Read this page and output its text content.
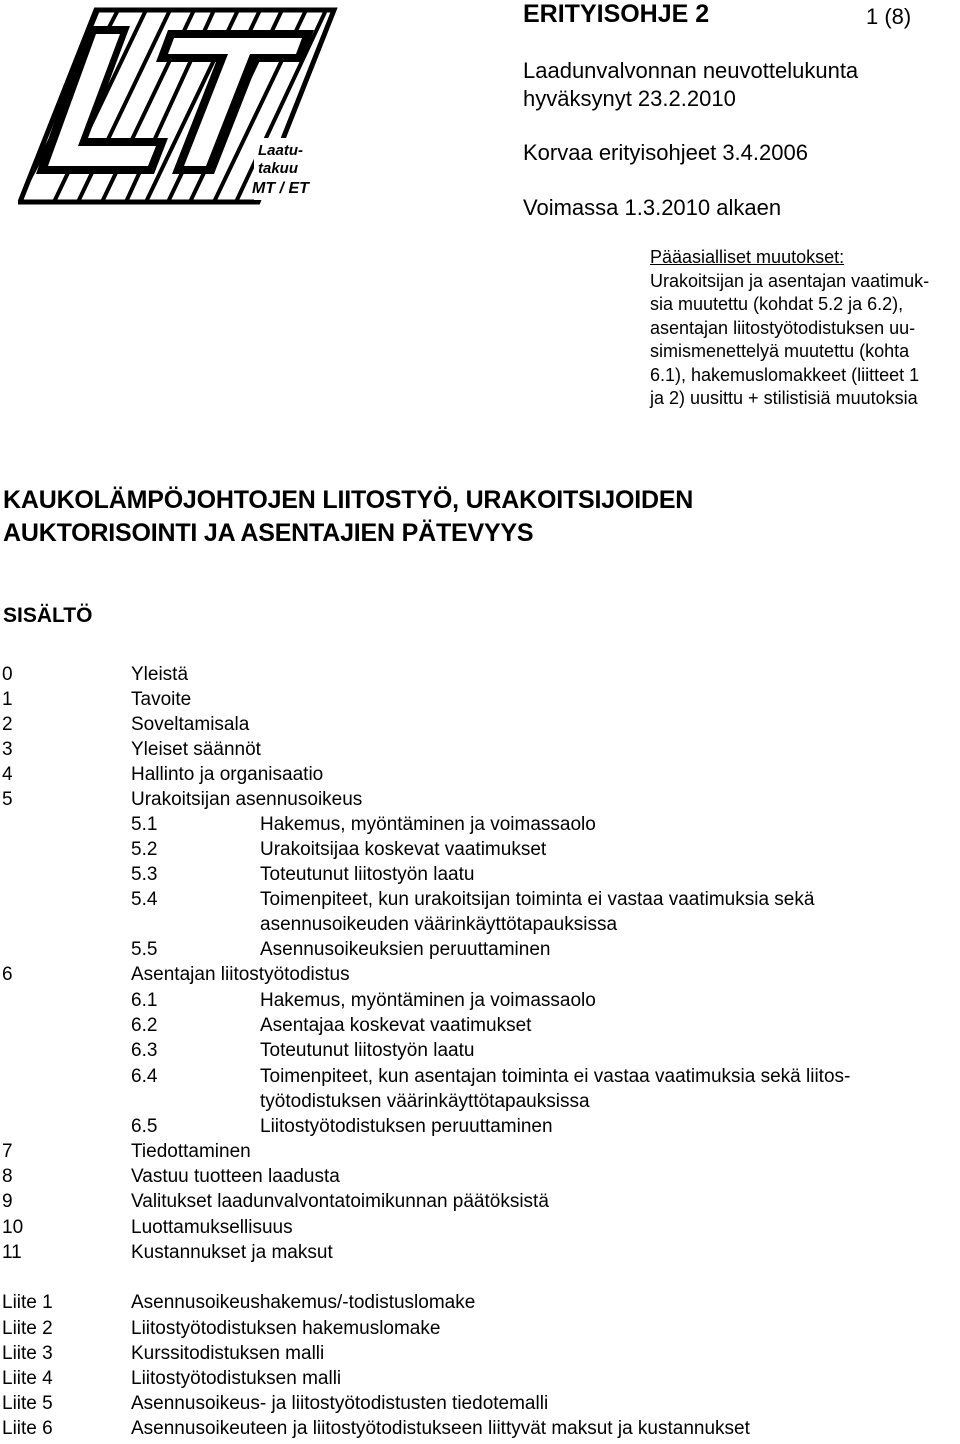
Laatu-
takuu
MT / ET
ERITYISOHJE 2	1 (8)
Laadunvalvonnan neuvottelukunta
hyväksynyt 23.2.2010
Korvaa erityisohjeet 3.4.2006
Voimassa 1.3.2010 alkaen
Pääasialliset muutokset:
Urakoitsijan ja asentajan vaatimuk-
sia muutettu (kohdat 5.2 ja 6.2),
asentajan liitostyötodistuksen uu-
simismenettelyä muutettu (kohta
6.1), hakemuslomakkeet (liitteet 1
ja 2) uusittu + stilistisiä muutoksia
KAUKOLÄMPÖJOHTOJEN LIITOSTYÖ, URAKOITSIJOIDEN
AUKTORISOINTI JA ASENTAJIEN PÄTEVYYS
SISÄLTÖ
0	Yleistä
1	Tavoite
2	Soveltamisala
3	Yleiset säännöt
4	Hallinto ja organisaatio
5	Urakoitsijan asennusoikeus
5.1	Hakemus, myöntäminen ja voimassaolo
5.2	Urakoitsijaa koskevat vaatimukset
5.3	Toteutunut liitostyön laatu
5.4	Toimenpiteet, kun urakoitsijan toiminta ei vastaa vaatimuksia sekä
asennusoikeuden väärinkäyttötapauksissa
5.5	Asennusoikeuksien peruuttaminen
6	Asentajan liitostyötodistus
6.1	Hakemus, myöntäminen ja voimassaolo
6.2	Asentajaa koskevat vaatimukset
6.3	Toteutunut liitostyön laatu
6.4	Toimenpiteet, kun asentajan toiminta ei vastaa vaatimuksia sekä liitos-
työtodistuksen väärinkäyttötapauksissa
6.5	Liitostyötodistuksen peruuttaminen
7	Tiedottaminen
8	Vastuu tuotteen laadusta
9	Valitukset laadunvalvontatoimikunnan päätöksistä
10	Luottamuksellisuus
11	Kustannukset ja maksut
Liite 1	Asennusoikeushakemus/-todistuslomake
Liite 2	Liitostyötodistuksen hakemuslomake
Liite 3	Kurssitodistuksen malli
Liite 4	Liitostyötodistuksen malli
Liite 5	Asennusoikeus- ja liitostyötodistusten tiedotemalli
Liite 6	Asennusoikeuteen ja liitostyötodistukseen liittyvät maksut ja kustannukset
